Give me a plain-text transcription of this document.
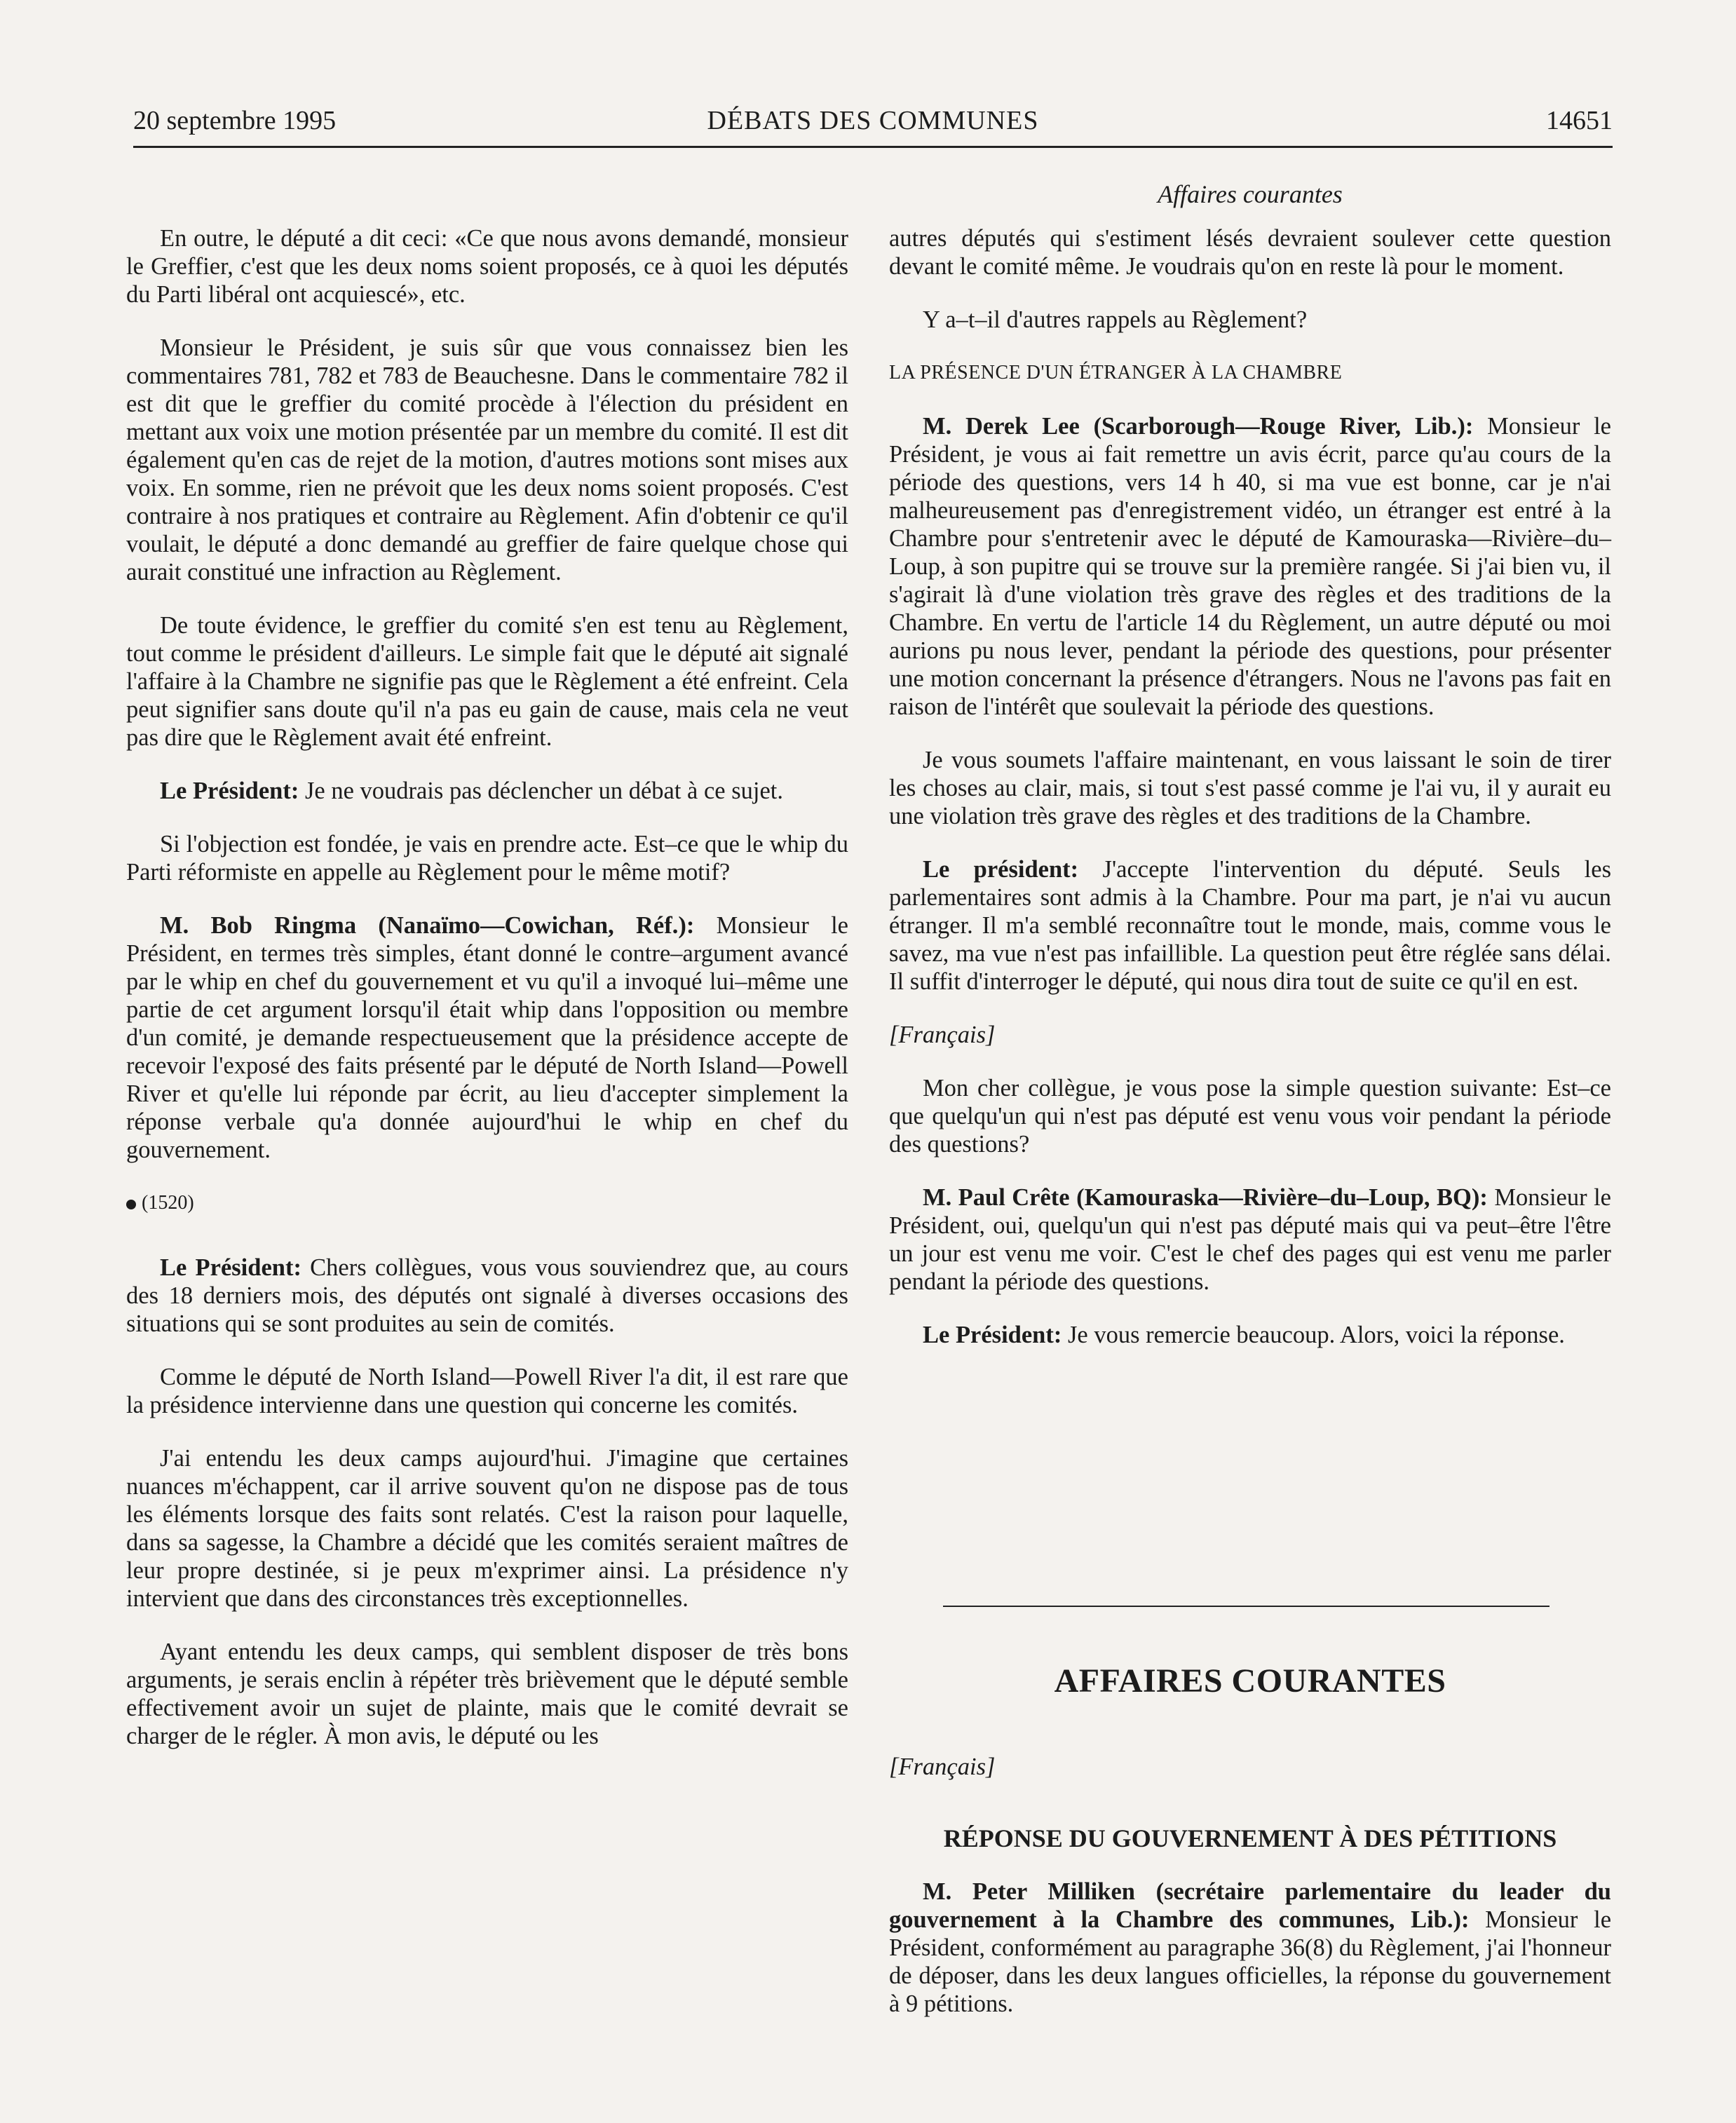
20 septembre 1995	DÉBATS DES COMMUNES	14651
Affaires courantes

En outre, le député a dit ceci: «Ce que nous avons demandé, monsieur le Greffier, c'est que les deux noms soient proposés, ce à quoi les députés du Parti libéral ont acquiescé», etc.

Monsieur le Président, je suis sûr que vous connaissez bien les commentaires 781, 782 et 783 de Beauchesne. Dans le commentaire 782 il est dit que le greffier du comité procède à l'élection du président en mettant aux voix une motion présentée par un membre du comité. Il est dit également qu'en cas de rejet de la motion, d'autres motions sont mises aux voix. En somme, rien ne prévoit que les deux noms soient proposés. C'est contraire à nos pratiques et contraire au Règlement. Afin d'obtenir ce qu'il voulait, le député a donc demandé au greffier de faire quelque chose qui aurait constitué une infraction au Règlement.

De toute évidence, le greffier du comité s'en est tenu au Règlement, tout comme le président d'ailleurs. Le simple fait que le député ait signalé l'affaire à la Chambre ne signifie pas que le Règlement a été enfreint. Cela peut signifier sans doute qu'il n'a pas eu gain de cause, mais cela ne veut pas dire que le Règlement avait été enfreint.

Le Président: Je ne voudrais pas déclencher un débat à ce sujet.

Si l'objection est fondée, je vais en prendre acte. Est–ce que le whip du Parti réformiste en appelle au Règlement pour le même motif?

M. Bob Ringma (Nanaïmo—Cowichan, Réf.): Monsieur le Président, en termes très simples, étant donné le contre–argument avancé par le whip en chef du gouvernement et vu qu'il a invoqué lui–même une partie de cet argument lorsqu'il était whip dans l'opposition ou membre d'un comité, je demande respectueusement que la présidence accepte de recevoir l'exposé des faits présenté par le député de North Island—Powell River et qu'elle lui réponde par écrit, au lieu d'accepter simplement la réponse verbale qu'a donnée aujourd'hui le whip en chef du gouvernement.

(1520)

Le Président: Chers collègues, vous vous souviendrez que, au cours des 18 derniers mois, des députés ont signalé à diverses occasions des situations qui se sont produites au sein de comités.

Comme le député de North Island—Powell River l'a dit, il est rare que la présidence intervienne dans une question qui concerne les comités.

J'ai entendu les deux camps aujourd'hui. J'imagine que certaines nuances m'échappent, car il arrive souvent qu'on ne dispose pas de tous les éléments lorsque des faits sont relatés. C'est la raison pour laquelle, dans sa sagesse, la Chambre a décidé que les comités seraient maîtres de leur propre destinée, si je peux m'exprimer ainsi. La présidence n'y intervient que dans des circonstances très exceptionnelles.

Ayant entendu les deux camps, qui semblent disposer de très bons arguments, je serais enclin à répéter très brièvement que le député semble effectivement avoir un sujet de plainte, mais que le comité devrait se charger de le régler. À mon avis, le député ou les

autres députés qui s'estiment lésés devraient soulever cette question devant le comité même. Je voudrais qu'on en reste là pour le moment.

Y a–t–il d'autres rappels au Règlement?

LA PRÉSENCE D'UN ÉTRANGER À LA CHAMBRE

M. Derek Lee (Scarborough—Rouge River, Lib.): Monsieur le Président, je vous ai fait remettre un avis écrit, parce qu'au cours de la période des questions, vers 14 h 40, si ma vue est bonne, car je n'ai malheureusement pas d'enregistrement vidéo, un étranger est entré à la Chambre pour s'entretenir avec le député de Kamouraska—Rivière–du–Loup, à son pupitre qui se trouve sur la première rangée. Si j'ai bien vu, il s'agirait là d'une violation très grave des règles et des traditions de la Chambre. En vertu de l'article 14 du Règlement, un autre député ou moi aurions pu nous lever, pendant la période des questions, pour présenter une motion concernant la présence d'étrangers. Nous ne l'avons pas fait en raison de l'intérêt que soulevait la période des questions.

Je vous soumets l'affaire maintenant, en vous laissant le soin de tirer les choses au clair, mais, si tout s'est passé comme je l'ai vu, il y aurait eu une violation très grave des règles et des traditions de la Chambre.

Le président: J'accepte l'intervention du député. Seuls les parlementaires sont admis à la Chambre. Pour ma part, je n'ai vu aucun étranger. Il m'a semblé reconnaître tout le monde, mais, comme vous le savez, ma vue n'est pas infaillible. La question peut être réglée sans délai. Il suffit d'interroger le député, qui nous dira tout de suite ce qu'il en est.

[Français]

Mon cher collègue, je vous pose la simple question suivante: Est–ce que quelqu'un qui n'est pas député est venu vous voir pendant la période des questions?

M. Paul Crête (Kamouraska—Rivière–du–Loup, BQ): Monsieur le Président, oui, quelqu'un qui n'est pas député mais qui va peut–être l'être un jour est venu me voir. C'est le chef des pages qui est venu me parler pendant la période des questions.

Le Président: Je vous remercie beaucoup. Alors, voici la réponse.

AFFAIRES COURANTES

[Français]

RÉPONSE DU GOUVERNEMENT À DES PÉTITIONS

M. Peter Milliken (secrétaire parlementaire du leader du gouvernement à la Chambre des communes, Lib.): Monsieur le Président, conformément au paragraphe 36(8) du Règlement, j'ai l'honneur de déposer, dans les deux langues officielles, la réponse du gouvernement à 9 pétitions.
